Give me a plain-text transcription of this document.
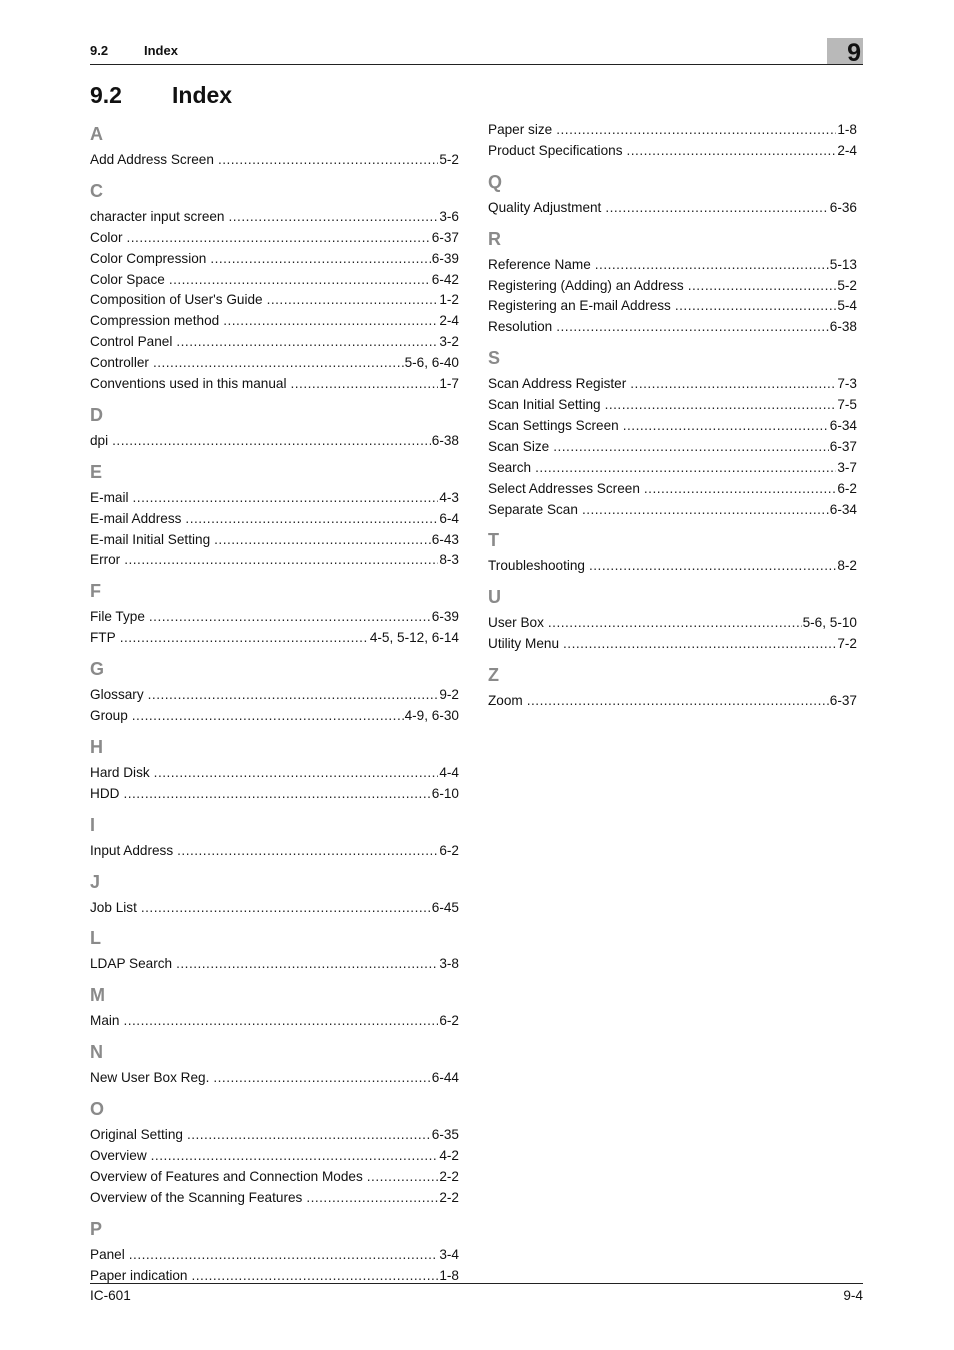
9.2	Index	9
9.2 Index
A
Add Address Screen .....	5-2
C
character input screen .....	3-6
Color .....	6-37
Color Compression .....	6-39
Color Space .....	6-42
Composition of User's Guide .....	1-2
Compression method .....	2-4
Control Panel .....	3-2
Controller .....	5-6, 6-40
Conventions used in this manual .....	1-7
D
dpi .....	6-38
E
E-mail .....	4-3
E-mail Address .....	6-4
E-mail Initial Setting .....	6-43
Error .....	8-3
F
File Type .....	6-39
FTP .....	4-5, 5-12, 6-14
G
Glossary .....	9-2
Group .....	4-9, 6-30
H
Hard Disk .....	4-4
HDD .....	6-10
I
Input Address .....	6-2
J
Job List .....	6-45
L
LDAP Search .....	3-8
M
Main .....	6-2
N
New User Box Reg. .....	6-44
O
Original Setting .....	6-35
Overview .....	4-2
Overview of Features and Connection Modes .....	2-2
Overview of the Scanning Features .....	2-2
P
Panel .....	3-4
Paper indication .....	1-8
Paper size .....	1-8
Product Specifications .....	2-4
Q
Quality Adjustment .....	6-36
R
Reference Name .....	5-13
Registering (Adding) an Address .....	5-2
Registering an E-mail Address .....	5-4
Resolution .....	6-38
S
Scan Address Register .....	7-3
Scan Initial Setting .....	7-5
Scan Settings Screen .....	6-34
Scan Size .....	6-37
Search .....	3-7
Select Addresses Screen .....	6-2
Separate Scan .....	6-34
T
Troubleshooting .....	8-2
U
User Box .....	5-6, 5-10
Utility Menu .....	7-2
Z
Zoom .....	6-37
IC-601	9-4
